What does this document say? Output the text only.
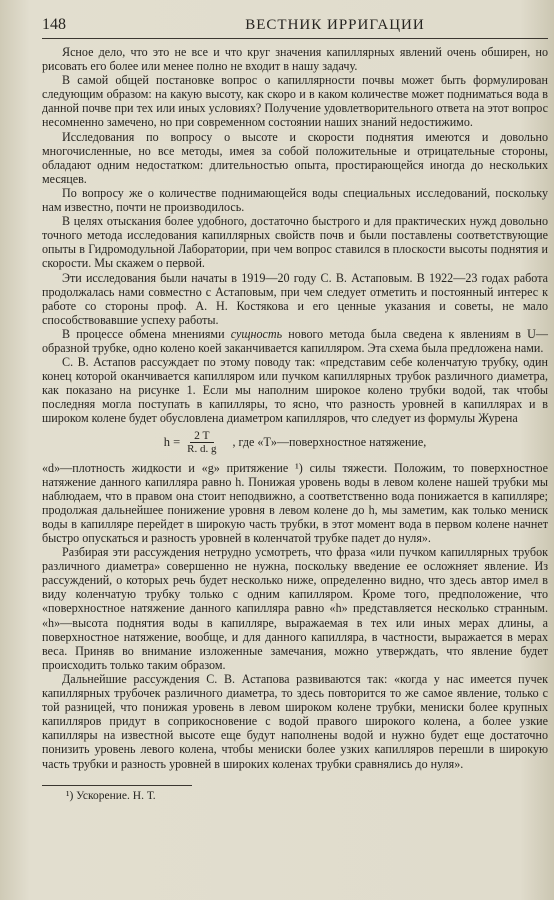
148	ВЕСТНИК ИРРИГАЦИИ

Ясное дело, что это не все и что круг значения капиллярных явлений очень обширен, но рисовать его более или менее полно не входит в нашу задачу.

В самой общей постановке вопрос о капиллярности почвы может быть формулирован следующим образом: на какую высоту, как скоро и в каком количестве может подниматься вода в данной почве при тех или иных условиях? Получение удовлетворительного ответа на этот вопрос несомненно замечено, но при современном состоянии наших знаний недостижимо.

Исследования по вопросу о высоте и скорости поднятия имеются и довольно многочисленные, но все методы, имея за собой положительные и отрицательные стороны, обладают одним недостатком: длительностью опыта, простирающейся иногда до нескольких месяцев.

По вопросу же о количестве поднимающейся воды специальных исследований, поскольку нам известно, почти не производилось.

В целях отыскания более удобного, достаточно быстрого и для практических нужд довольно точного метода исследования капиллярных свойств почв и были поставлены соответствующие опыты в Гидромодульной Лаборатории, при чем вопрос ставился в плоскости высоты поднятия и скорости. Мы скажем о первой.

Эти исследования были начаты в 1919—20 году С. В. Астаповым. В 1922—23 годах работа продолжалась нами совместно с Астаповым, при чем следует отметить и постоянный интерес к работе со стороны проф. А. Н. Костякова и его ценные указания и советы, не мало способствовавшие успеху работы.

В процессе обмена мнениями сущность нового метода была сведена к явлениям в U—образной трубке, одно колено коей заканчивается капилляром. Эта схема была предложена нами.

С. В. Астапов рассуждает по этому поводу так: «представим себе коленчатую трубку, один конец которой оканчивается капилляром или пучком капиллярных трубок различного диаметра, как показано на рисунке 1. Если мы наполним широкое колено трубки водой, так чтобы последняя могла поступать в капилляры, то ясно, что разность уровней в капиллярах и в широком колене будет обусловлена диаметром капилляров, что следует из формулы Журена

$h = \frac{2 T}{R. d. g}$ , где «T»—поверхностное натяжение,

«d»—плотность жидкости и «g» притяжение ¹) силы тяжести. Положим, то поверхностное натяжение данного капилляра равно h. Понижая уровень воды в левом колене нашей трубки мы наблюдаем, что в правом она стоит неподвижно, а соответственно вода понижается в капилляре; продолжая дальнейшее понижение уровня в левом колене до h, мы заметим, как только мениск воды в капилляре перейдет в широкую часть трубки, в этот момент вода в первом колене начнет быстро опускаться и разность уровней в коленчатой трубке падет до нуля».

Разбирая эти рассуждения нетрудно усмотреть, что фраза «или пучком капиллярных трубок различного диаметра» совершенно не нужна, поскольку введение ее осложняет явление. Из рассуждений, о которых речь будет несколько ниже, определенно видно, что здесь автор имел в виду коленчатую трубку только с одним капилляром. Кроме того, предположение, что «поверхностное натяжение данного капилляра равно «h» представляется несколько странным. «h»—высота поднятия воды в капилляре, выражаемая в тех или иных мерах длины, а поверхностное натяжение, вообще, и для данного капилляра, в частности, выражается в мерах веса. Приняв во внимание изложенные замечания, можно утверждать, что явление будет происходить только таким образом.

Дальнейшие рассуждения С. В. Астапова развиваются так: «когда у нас имеется пучек капиллярных трубочек различного диаметра, то здесь повторится то же самое явление, только с той разницей, что понижая уровень в левом широком колене трубки, мениски более крупных капилляров придут в соприкосновение с водой правого широкого колена, а более узкие капилляры на известной высоте еще будут наполнены водой и нужно будет еще достаточно понизить уровень левого колена, чтобы мениски более узких капилляров перешли в широкую часть трубки и разность уровней в широких коленах трубки сравнялись до нуля».

¹) Ускорение. Н. Т.
